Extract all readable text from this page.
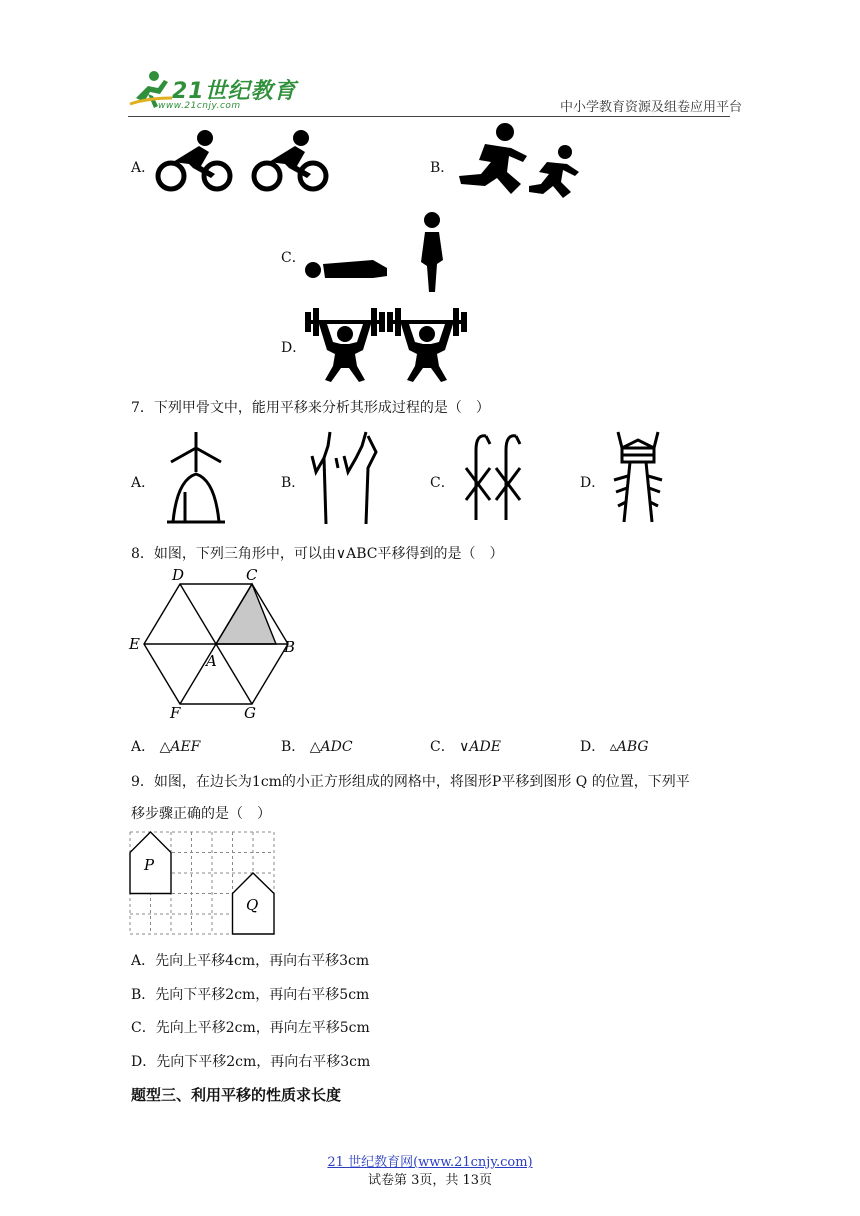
21世纪教育
www.21cnjy.com	中小学教育资源及组卷应用平台
A．	B．
C．
D．
7．下列甲骨文中，能用平移来分析其形成过程的是（　）
A．	B．	C．	D．
8．如图，下列三角形中，可以由∨ABC平移得到的是（　）
D	C
E	B
A
F	G
A． △AEF	B． △ADC	C． ∨ADE	D． ▵ABG
9．如图，在边长为1cm的小正方形组成的网格中，将图形P平移到图形 Q 的位置，下列平
移步骤正确的是（　）
P
Q
A．先向上平移4cm，再向右平移3cm
B．先向下平移2cm，再向右平移5cm
C．先向上平移2cm，再向左平移5cm
D．先向下平移2cm，再向右平移3cm
题型三、利用平移的性质求长度
21 世纪教育网(www.21cnjy.com)
试卷第 3页，共 13页
